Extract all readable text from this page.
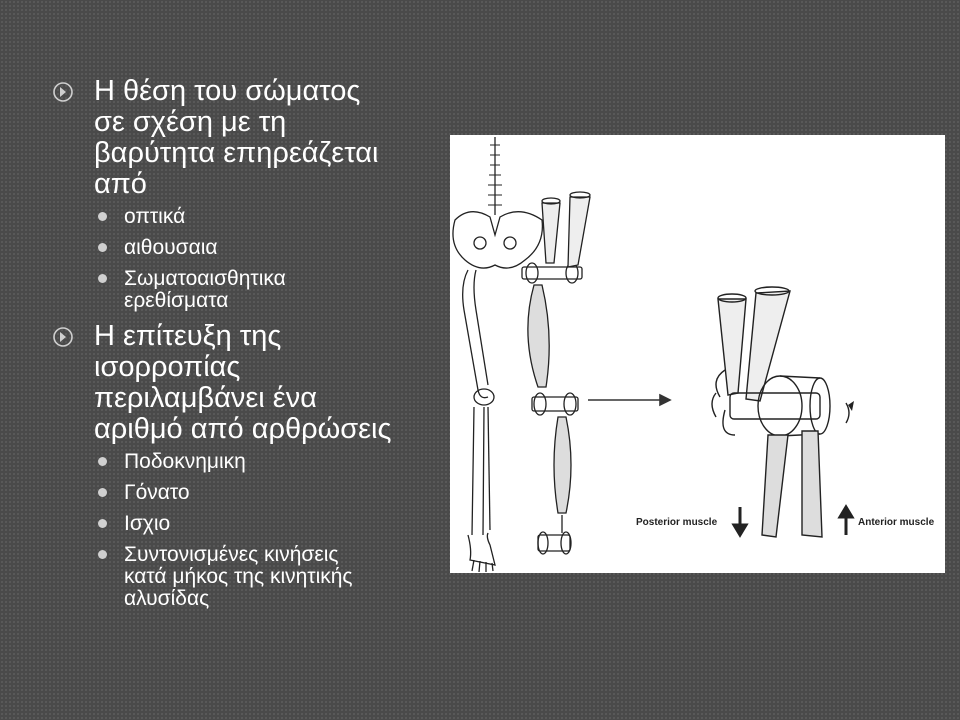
Η θέση του σώματος
σε σχέση με τη
βαρύτητα επηρεάζεται
από
οπτικά
αιθουσαια
Σωματοαισθητικα
ερεθίσματα
Η επίτευξη της
ισορροπίας
περιλαμβάνει ένα
αριθμό από αρθρώσεις
Ποδοκνημικη
Γόνατο
Ισχιο
Συντονισμένες κινήσεις
κατά μήκος της κινητικής
αλυσίδας
Posterior muscle	Anterior muscle
